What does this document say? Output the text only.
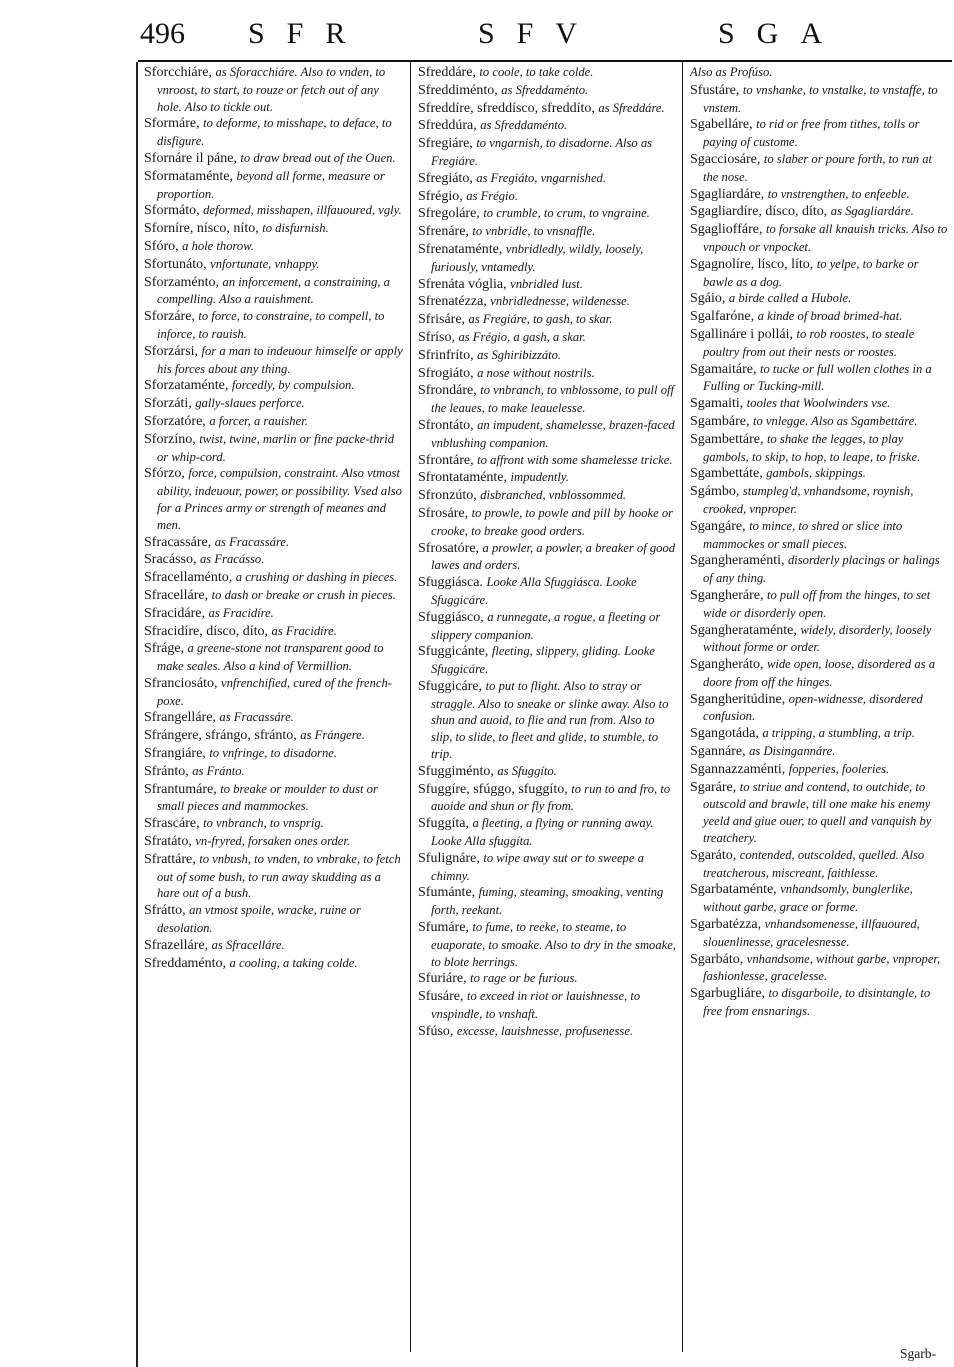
496 SFR	SFV	SGA

Sforcchiáre, as Sforacchiáre. Also to vnden, to vnroost, to start, to rouze or fetch out of any hole. Also to tickle out.

Sformáre, to deforme, to misshape, to deface, to disfigure.

Sfornáre il páne, to draw bread out of the Ouen.

Sformataménte, beyond all forme, measure or proportion.

Sformáto, deformed, misshapen, illfauoured, vgly.

Sforníre, nísco, níto, to disfurnish.

Sfóro, a hole thorow.

Sfortunáto, vnfortunate, vnhappy.

Sforzaménto, an inforcement, a constraining, a compelling. Also a rauishment.

Sforzáre, to force, to constraine, to compell, to inforce, to rauish.

Sforzársi, for a man to indeuour himselfe or apply his forces about any thing.

Sforzataménte, forcedly, by compulsion.

Sforzáti, gally-slaues perforce.

Sforzatóre, a forcer, a rauisher.

Sforzíno, twist, twine, marlin or fine packe-thrid or whip-cord.

Sfórzo, force, compulsion, constraint. Also vtmost ability, indeuour, power, or possibility. Vsed also for a Princes army or strength of meanes and men.

Sfracassáre, as Fracassáre.

Sracásso, as Fracásso.

Sfracellaménto, a crushing or dashing in pieces.

Sfracelláre, to dash or breake or crush in pieces.

Sfracidáre, as Fracidíre.

Sfracidíre, dísco, díto, as Fracidíre.

Sfráge, a greene-stone not transparent good to make seales. Also a kind of Vermillion.

Sfranciosáto, vnfrenchified, cured of the french-poxe.

Sfrangelláre, as Fracassáre.

Sfrángere, sfrángo, sfránto, as Frángere.

Sfrangiáre, to vnfringe, to disadorne.

Sfránto, as Fránto.

Sfrantumáre, to breake or moulder to dust or small pieces and mammockes.

Sfrascáre, to vnbranch, to vnsprig.

Sfratáto, vn-fryred, forsaken ones order.

Sfrattáre, to vnbush, to vnden, to vnbrake, to fetch out of some bush, to run away skudding as a hare out of a bush.

Sfrátto, an vtmost spoile, wracke, ruine or desolation.

Sfrazelláre, as Sfracelláre.

Sfreddaménto, a cooling, a taking colde.

Sfreddáre, to coole, to take colde.

Sfreddiménto, as Sfreddaménto.

Sfreddíre, sfreddísco, sfreddíto, as Sfreddáre.

Sfreddúra, as Sfreddaménto.

Sfregiáre, to vngarnish, to disadorne. Also as Fregiáre.

Sfregiáto, as Fregiáto, vngarnished.

Sfrégio, as Frégio.

Sfregoláre, to crumble, to crum, to vngraine.

Sfrenáre, to vnbridle, to vnsnaffle.

Sfrenataménte, vnbridledly, wildly, loosely, furiously, vntamedly.

Sfrenáta vóglia, vnbridled lust.

Sfrenatézza, vnbridlednesse, wildenesse.

Sfrisáre, as Fregiáre, to gash, to skar.

Sfríso, as Frégio, a gash, a skar.

Sfrinfríto, as Sghiribizzáto.

Sfrogiáto, a nose without nostrils.

Sfrondáre, to vnbranch, to vnblossome, to pull off the leaues, to make leauelesse.

Sfrontáto, an impudent, shamelesse, brazen-faced vnblushing companion.

Sfrontáre, to affront with some shamelesse tricke.

Sfrontataménte, impudently.

Sfronzúto, disbranched, vnblossommed.

Sfrosáre, to prowle, to powle and pill by hooke or crooke, to breake good orders.

Sfrosatóre, a prowler, a powler, a breaker of good lawes and orders.

Sfuggiásca. Looke Alla Sfuggiásca. Looke Sfuggicáre.

Sfuggiásco, a runnegate, a rogue, a fleeting or slippery companion.

Sfuggicánte, fleeting, slippery, gliding. Looke Sfuggicáre.

Sfuggicáre, to put to flight. Also to stray or straggle. Also to sneake or slinke away. Also to shun and auoid, to flie and run from. Also to slip, to slide, to fleet and glide, to stumble, to trip.

Sfuggiménto, as Sfuggíto.

Sfuggíre, sfúggo, sfuggíto, to run to and fro, to auoide and shun or fly from.

Sfuggíta, a fleeting, a flying or running away. Looke Alla sfuggíta.

Sfulignáre, to wipe away sut or to sweepe a chimny.

Sfumánte, fuming, steaming, smoaking, venting forth, reekant.

Sfumáre, to fume, to reeke, to steame, to euaporate, to smoake. Also to dry in the smoake, to blote herrings.

Sfuriáre, to rage or be furious.

Sfusáre, to exceed in riot or lauishnesse, to vnspindle, to vnshaft.

Sfúso, excesse, lauishnesse, profusenesse.

Also as Profúso.

Sfustáre, to vnshanke, to vnstalke, to vnstaffe, to vnstem.

Sgabelláre, to rid or free from tithes, tolls or paying of custome.

Sgacciosáre, to slaber or poure forth, to run at the nose.

Sgagliardáre, to vnstrengthen, to enfeeble.

Sgagliardíre, dísco, díto, as Sgagliardáre.

Sgaglioffáre, to forsake all knauish tricks. Also to vnpouch or vnpocket.

Sgagnolíre, lísco, líto, to yelpe, to barke or bawle as a dog.

Sgáio, a birde called a Hubole.

Sgalfaróne, a kinde of broad brimed-hat.

Sgallináre i pollái, to rob roostes, to steale poultry from out their nests or roostes.

Sgamaitáre, to tucke or full wollen clothes in a Fulling or Tucking-mill.

Sgamaiti, tooles that Woolwinders vse.

Sgambáre, to vnlegge. Also as Sgambettáre.

Sgambettáre, to shake the legges, to play gambols, to skip, to hop, to leape, to friske.

Sgambettáte, gambols, skippings.

Sgámbo, stumpleg'd, vnhandsome, roynish, crooked, vnproper.

Sgangáre, to mince, to shred or slice into mammockes or small pieces.

Sgangheraménti, disorderly placings or halings of any thing.

Sgangheráre, to pull off from the hinges, to set wide or disorderly open.

Sgangherataménte, widely, disorderly, loosely without forme or order.

Sgangheráto, wide open, loose, disordered as a doore from off the hinges.

Sgangheritúdine, open-widnesse, disordered confusion.

Sgangotáda, a tripping, a stumbling, a trip.

Sgannáre, as Disingannáre.

Sgannazzaménti, fopperies, fooleries.

Sgaráre, to striue and contend, to outchide, to outscold and brawle, till one make his enemy yeeld and giue ouer, to quell and vanquish by treatchery.

Sgaráto, contended, outscolded, quelled. Also treatcherous, miscreant, faithlesse.

Sgarbataménte, vnhandsomly, bunglerlike, without garbe, grace or forme.

Sgarbatézza, vnhandsomenesse, illfauoured, slouenlinesse, gracelesnesse.

Sgarbáto, vnhandsome, without garbe, vnproper, fashionlesse, gracelesse.

Sgarbugliáre, to disgarboile, to disintangle, to free from ensnarings.

Sgarb-
